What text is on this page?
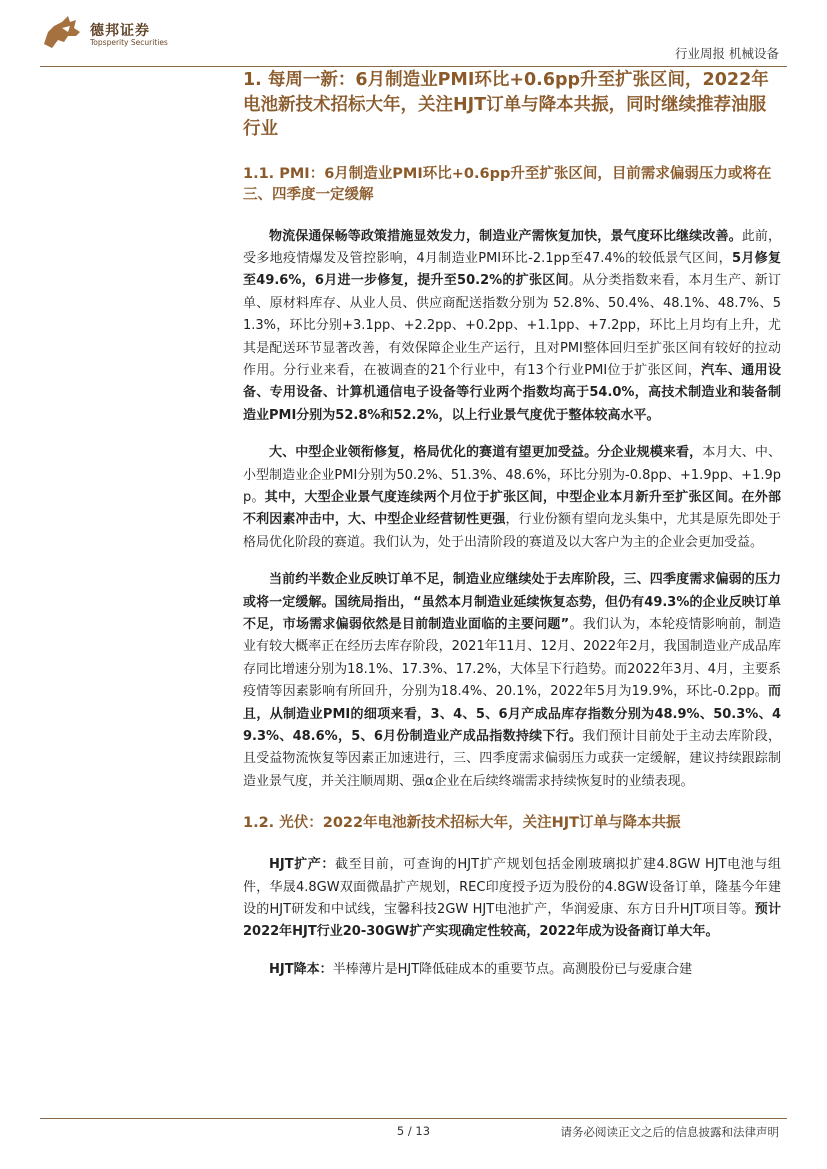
德邦证券
Topsperity Securities
行业周报 机械设备

1. 每周一新：6月制造业PMI环比+0.6pp升至扩张区间，2022年电池新技术招标大年，关注HJT订单与降本共振，同时继续推荐油服行业

1.1. PMI：6月制造业PMI环比+0.6pp升至扩张区间，目前需求偏弱压力或将在三、四季度一定缓解

物流保通保畅等政策措施显效发力，制造业产需恢复加快，景气度环比继续改善。此前，受多地疫情爆发及管控影响，4月制造业PMI环比-2.1pp至47.4%的较低景气区间，5月修复至49.6%，6月进一步修复，提升至50.2%的扩张区间。从分类指数来看，本月生产、新订单、原材料库存、从业人员、供应商配送指数分别为 52.8%、50.4%、48.1%、48.7%、51.3%，环比分别+3.1pp、+2.2pp、+0.2pp、+1.1pp、+7.2pp，环比上月均有上升，尤其是配送环节显著改善，有效保障企业生产运行，且对PMI整体回归至扩张区间有较好的拉动作用。分行业来看，在被调查的21个行业中，有13个行业PMI位于扩张区间，汽车、通用设备、专用设备、计算机通信电子设备等行业两个指数均高于54.0%，高技术制造业和装备制造业PMI分别为52.8%和52.2%，以上行业景气度优于整体较高水平。

大、中型企业领衔修复，格局优化的赛道有望更加受益。分企业规模来看，本月大、中、小型制造业企业PMI分别为50.2%、51.3%、48.6%，环比分别为-0.8pp、+1.9pp、+1.9pp。其中，大型企业景气度连续两个月位于扩张区间，中型企业本月新升至扩张区间。在外部不利因素冲击中，大、中型企业经营韧性更强，行业份额有望向龙头集中，尤其是原先即处于格局优化阶段的赛道。我们认为，处于出清阶段的赛道及以大客户为主的企业会更加受益。

当前约半数企业反映订单不足，制造业应继续处于去库阶段，三、四季度需求偏弱的压力或将一定缓解。国统局指出，“虽然本月制造业延续恢复态势，但仍有49.3%的企业反映订单不足，市场需求偏弱依然是目前制造业面临的主要问题”。我们认为，本轮疫情影响前，制造业有较大概率正在经历去库存阶段，2021年11月、12月、2022年2月，我国制造业产成品库存同比增速分别为18.1%、17.3%、17.2%，大体呈下行趋势。而2022年3月、4月，主要系疫情等因素影响有所回升，分别为18.4%、20.1%，2022年5月为19.9%，环比-0.2pp。而且，从制造业PMI的细项来看，3、4、5、6月产成品库存指数分别为48.9%、50.3%、49.3%、48.6%，5、6月份制造业产成品指数持续下行。我们预计目前处于主动去库阶段，且受益物流恢复等因素正加速进行，三、四季度需求偏弱压力或获一定缓解，建议持续跟踪制造业景气度，并关注顺周期、强α企业在后续终端需求持续恢复时的业绩表现。

1.2. 光伏：2022年电池新技术招标大年，关注HJT订单与降本共振

HJT扩产：截至目前，可查询的HJT扩产规划包括金刚玻璃拟扩建4.8GW HJT电池与组件，华晟4.8GW双面微晶扩产规划，REC印度授予迈为股份的4.8GW设备订单，隆基今年建设的HJT研发和中试线，宝馨科技2GW HJT电池扩产，华润爱康、东方日升HJT项目等。预计2022年HJT行业20-30GW扩产实现确定性较高，2022年成为设备商订单大年。

HJT降本：半棒薄片是HJT降低硅成本的重要节点。高测股份已与爱康合建

5 / 13	请务必阅读正文之后的信息披露和法律声明
